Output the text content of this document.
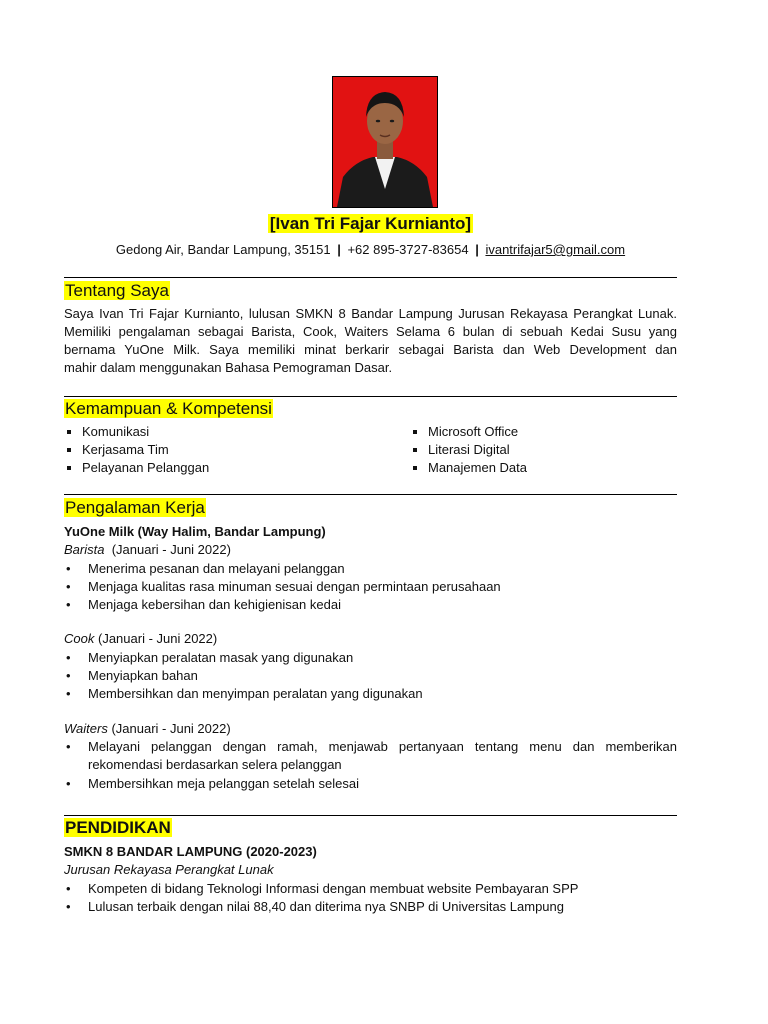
[Ivan Tri Fajar Kurnianto]
Gedong Air, Bandar Lampung, 35151 | +62 895-3727-83654 | ivantrifajar5@gmail.com
Tentang Saya
Saya Ivan Tri Fajar Kurnianto, lulusan SMKN 8 Bandar Lampung Jurusan Rekayasa Perangkat Lunak.
Memiliki pengalaman sebagai Barista, Cook, Waiters Selama 6 bulan di sebuah Kedai Susu yang
bernama YuOne Milk. Saya memiliki minat berkarir sebagai Barista dan Web Development dan
mahir dalam menggunakan Bahasa Pemograman Dasar.
Kemampuan & Kompetensi
Komunikasi
Kerjasama Tim
Pelayanan Pelanggan
Microsoft Office
Literasi Digital
Manajemen Data
Pengalaman Kerja
YuOne Milk (Way Halim, Bandar Lampung)
Barista (Januari - Juni 2022)
• Menerima pesanan dan melayani pelanggan
• Menjaga kualitas rasa minuman sesuai dengan permintaan perusahaan
• Menjaga kebersihan dan kehigienisan kedai
Cook (Januari - Juni 2022)
• Menyiapkan peralatan masak yang digunakan
• Menyiapkan bahan
• Membersihkan dan menyimpan peralatan yang digunakan
Waiters (Januari - Juni 2022)
• Melayani pelanggan dengan ramah, menjawab pertanyaan tentang menu dan memberikan rekomendasi berdasarkan selera pelanggan
• Membersihkan meja pelanggan setelah selesai
PENDIDIKAN
SMKN 8 BANDAR LAMPUNG (2020-2023)
Jurusan Rekayasa Perangkat Lunak
• Kompeten di bidang Teknologi Informasi dengan membuat website Pembayaran SPP
• Lulusan terbaik dengan nilai 88,40 dan diterima nya SNBP di Universitas Lampung
